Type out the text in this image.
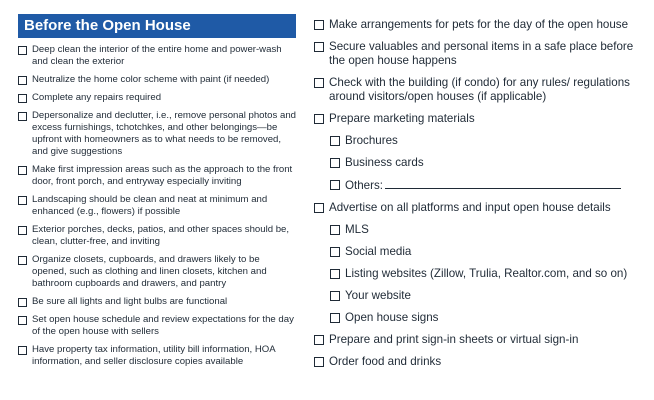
Before the Open House
Deep clean the interior of the entire home and power-wash and clean the exterior
Neutralize the home color scheme with paint (if needed)
Complete any repairs required
Depersonalize and declutter, i.e., remove personal photos and excess furnishings, tchotchkes, and other belongings—be upfront with homeowners as to what needs to be removed, and give suggestions
Make first impression areas such as the approach to the front door, front porch, and entryway especially inviting
Landscaping should be clean and neat at minimum and enhanced (e.g., flowers) if possible
Exterior porches, decks, patios, and other spaces should be, clean, clutter-free, and inviting
Organize closets, cupboards, and drawers likely to be opened, such as clothing and linen closets, kitchen and bathroom cupboards and drawers, and pantry
Be sure all lights and light bulbs are functional
Set open house schedule and review expectations for the day of the open house with sellers
Have property tax information, utility bill information, HOA information, and seller disclosure copies available
Make arrangements for pets for the day of the open house
Secure valuables and personal items in a safe place before the open house happens
Check with the building (if condo) for any rules/ regulations around visitors/open houses (if applicable)
Prepare marketing materials
Brochures
Business cards
Others:
Advertise on all platforms and input open house details
MLS
Social media
Listing websites (Zillow, Trulia, Realtor.com, and so on)
Your website
Open house signs
Prepare and print sign-in sheets or virtual sign-in
Order food and drinks
